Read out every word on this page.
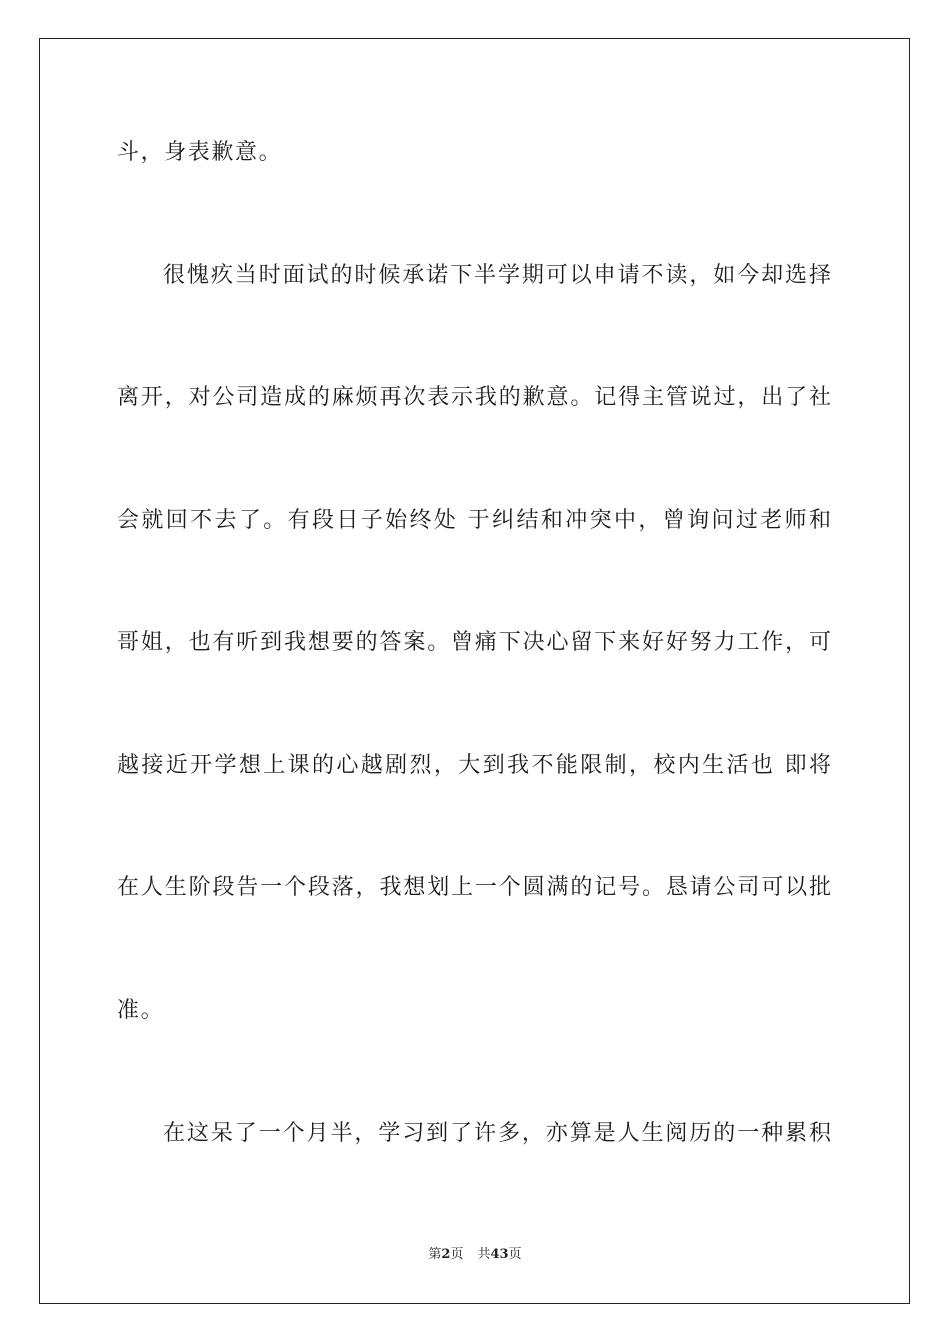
斗，身表歉意。
很愧疚当时面试的时候承诺下半学期可以申请不读，如今却选择
离开，对公司造成的麻烦再次表示我的歉意。记得主管说过，出了社
会就回不去了。有段日子始终处 于纠结和冲突中，曾询问过老师和
哥姐，也有听到我想要的答案。曾痛下决心留下来好好努力工作，可
越接近开学想上课的心越剧烈，大到我不能限制，校内生活也 即将
在人生阶段告一个段落，我想划上一个圆满的记号。恳请公司可以批
准。
在这呆了一个月半，学习到了许多，亦算是人生阅历的一种累积
第2页 共43页
